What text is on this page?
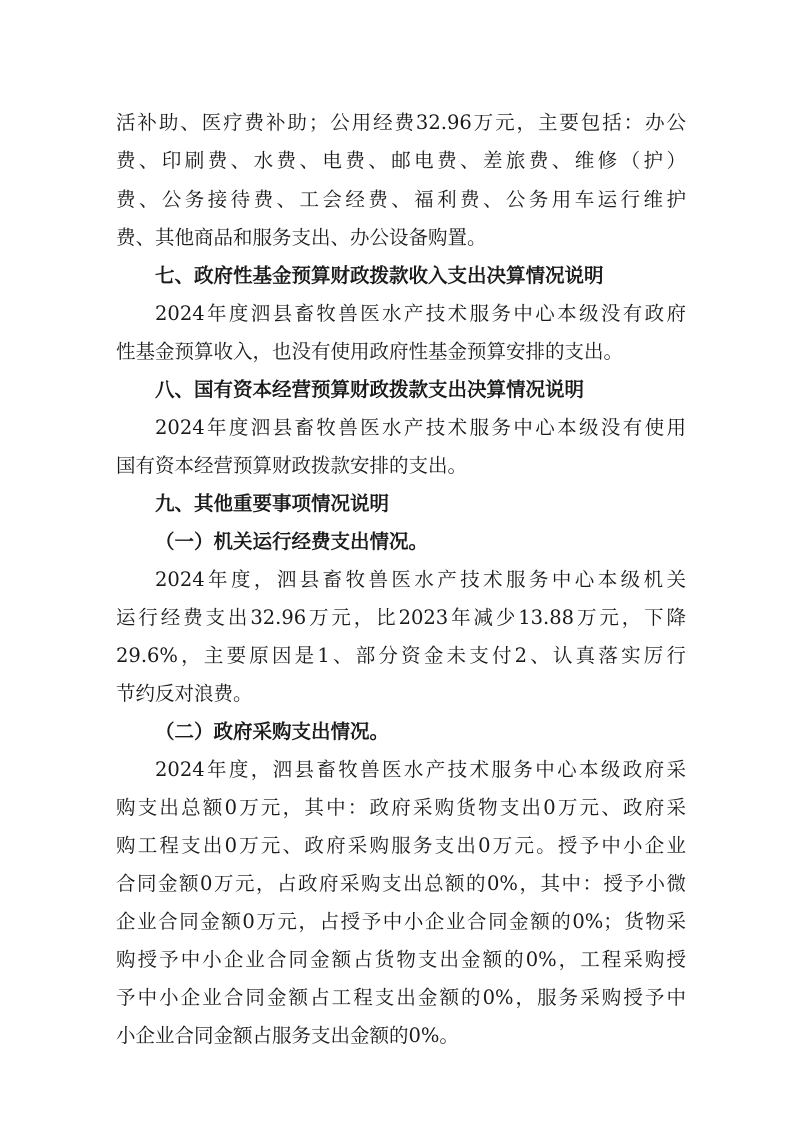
活补助、医疗费补助；公用经费32.96万元，主要包括：办公
费、印刷费、水费、电费、邮电费、差旅费、维修（护）
费、公务接待费、工会经费、福利费、公务用车运行维护
费、其他商品和服务支出、办公设备购置。
七、政府性基金预算财政拨款收入支出决算情况说明
2024年度泗县畜牧兽医水产技术服务中心本级没有政府
性基金预算收入，也没有使用政府性基金预算安排的支出。
八、国有资本经营预算财政拨款支出决算情况说明
2024年度泗县畜牧兽医水产技术服务中心本级没有使用
国有资本经营预算财政拨款安排的支出。
九、其他重要事项情况说明
（一）机关运行经费支出情况。
2024年度，泗县畜牧兽医水产技术服务中心本级机关
运行经费支出32.96万元，比2023年减少13.88万元，下降
29.6%，主要原因是1、部分资金未支付2、认真落实厉行
节约反对浪费。
（二）政府采购支出情况。
2024年度，泗县畜牧兽医水产技术服务中心本级政府采
购支出总额0万元，其中：政府采购货物支出0万元、政府采
购工程支出0万元、政府采购服务支出0万元。授予中小企业
合同金额0万元，占政府采购支出总额的0%，其中：授予小微
企业合同金额0万元，占授予中小企业合同金额的0%；货物采
购授予中小企业合同金额占货物支出金额的0%，工程采购授
予中小企业合同金额占工程支出金额的0%，服务采购授予中
小企业合同金额占服务支出金额的0%。
